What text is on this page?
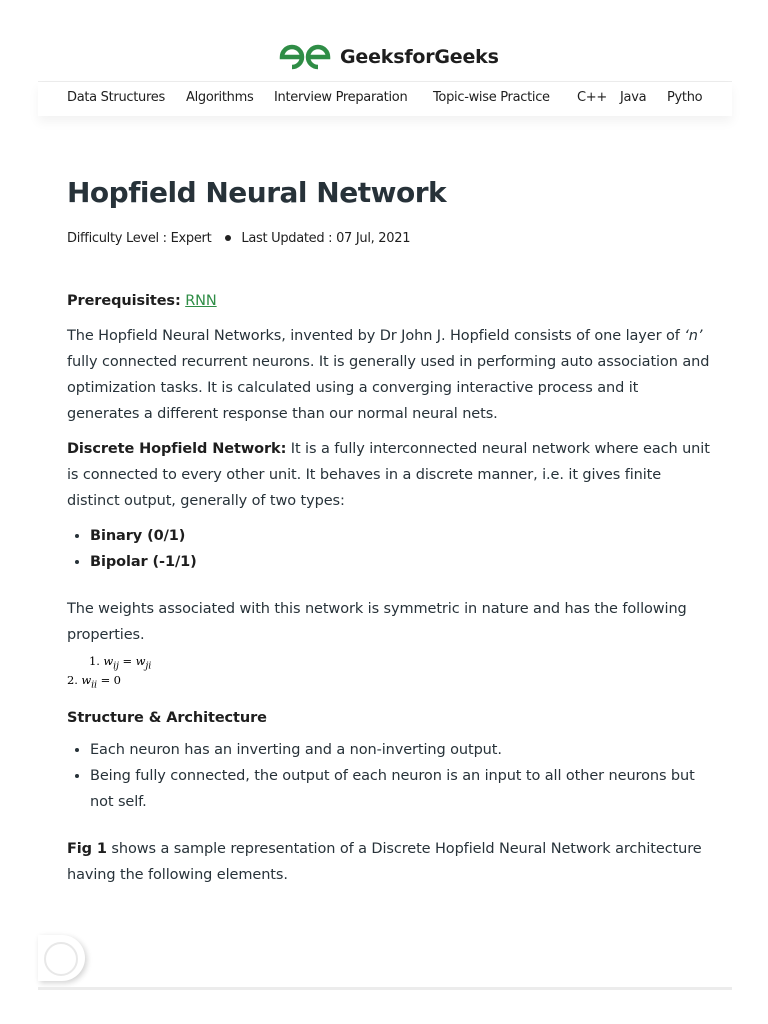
GeeksforGeeks
Data Structures Algorithms Interview Preparation Topic-wise Practice C++ Java Pytho
Hopfield Neural Network
Difficulty Level : Expert Last Updated : 07 Jul, 2021

Prerequisites: RNN

The Hopfield Neural Networks, invented by Dr John J. Hopfield consists of one layer of ‘n’ fully connected recurrent neurons. It is generally used in performing auto association and optimization tasks. It is calculated using a converging interactive process and it generates a different response than our normal neural nets.

Discrete Hopfield Network: It is a fully interconnected neural network where each unit is connected to every other unit. It behaves in a discrete manner, i.e. it gives finite distinct output, generally of two types:

• Binary (0/1)
• Bipolar (-1/1)

The weights associated with this network is symmetric in nature and has the following properties.

1. $w_{ij} = w_{ji}$
2. $w_{ii} = 0$

Structure & Architecture

• Each neuron has an inverting and a non-inverting output.
• Being fully connected, the output of each neuron is an input to all other neurons but not self.

Fig 1 shows a sample representation of a Discrete Hopfield Neural Network architecture having the following elements.
